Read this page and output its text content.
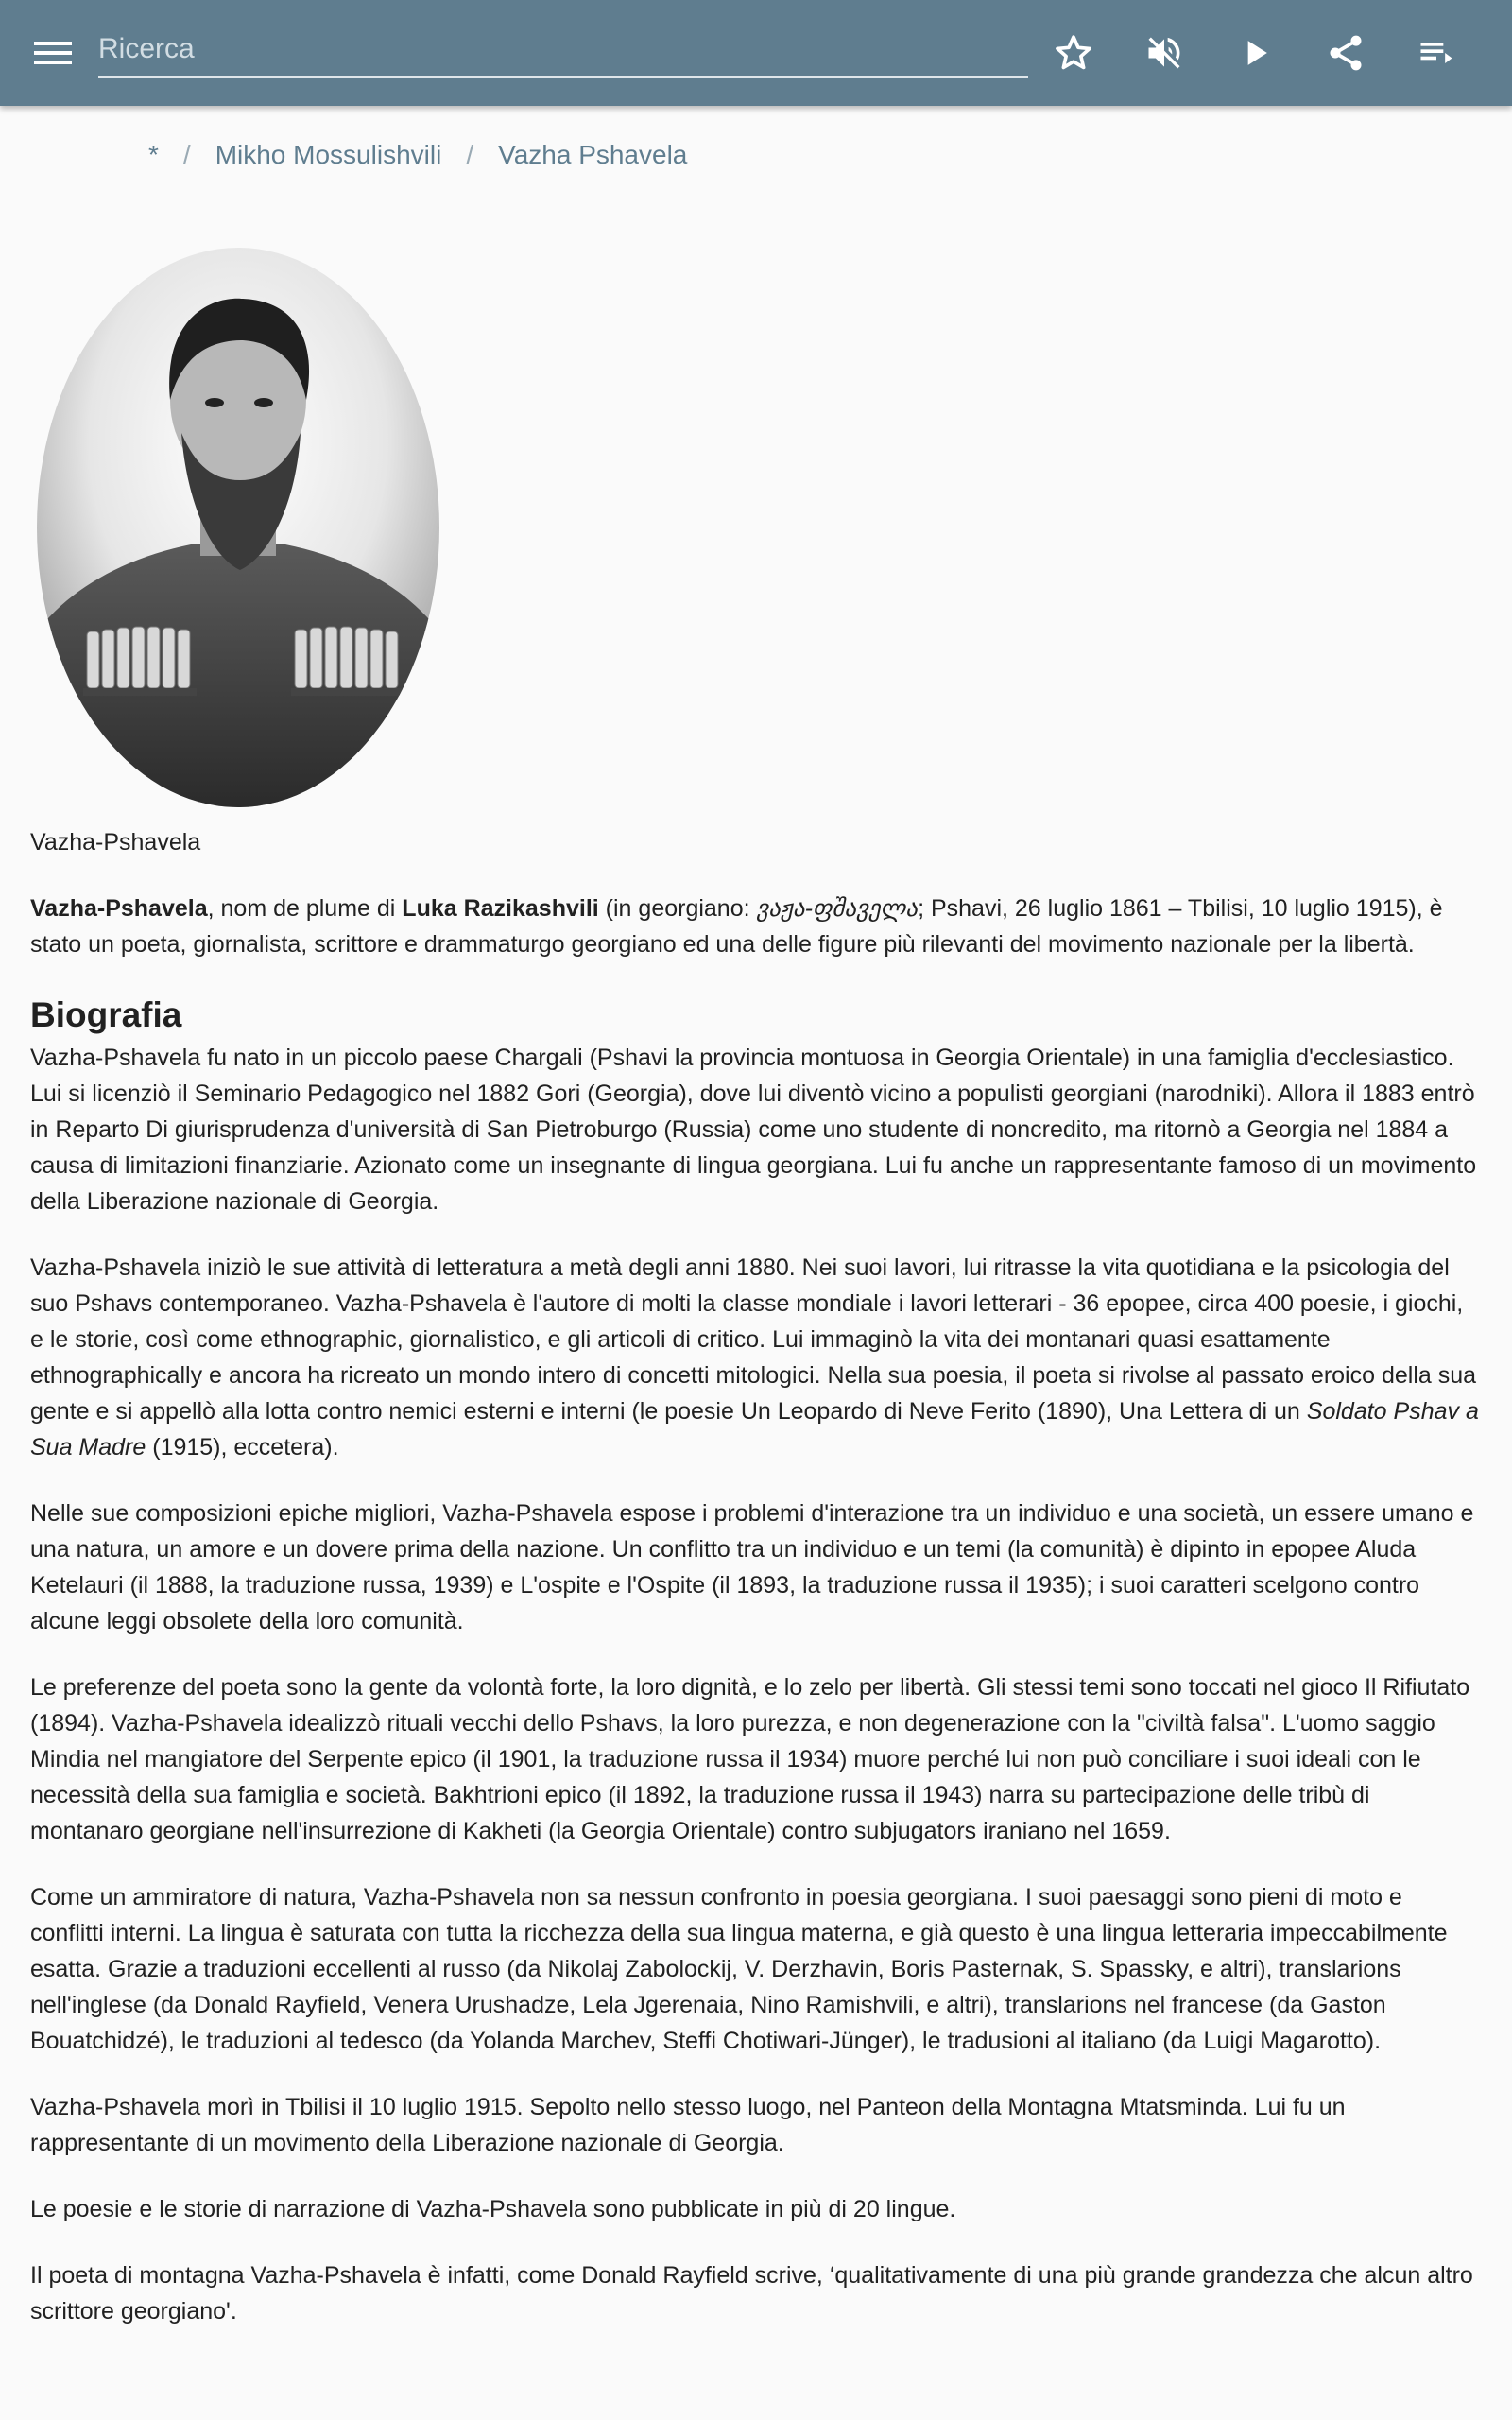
Ricerca
* / Mikho Mossulishvili / Vazha Pshavela

Vazha-Pshavela

Vazha-Pshavela, nom de plume di Luka Razikashvili (in georgiano: ვაჟა-ფშაველა; Pshavi, 26 luglio 1861 – Tbilisi, 10 luglio 1915), è stato un poeta, giornalista, scrittore e drammaturgo georgiano ed una delle figure più rilevanti del movimento nazionale per la libertà.

Biografia

Vazha-Pshavela fu nato in un piccolo paese Chargali (Pshavi la provincia montuosa in Georgia Orientale) in una famiglia d'ecclesiastico. Lui si licenziò il Seminario Pedagogico nel 1882 Gori (Georgia), dove lui diventò vicino a populisti georgiani (narodniki). Allora il 1883 entrò in Reparto Di giurisprudenza d'università di San Pietroburgo (Russia) come uno studente di noncredito, ma ritornò a Georgia nel 1884 a causa di limitazioni finanziarie. Azionato come un insegnante di lingua georgiana. Lui fu anche un rappresentante famoso di un movimento della Liberazione nazionale di Georgia.

Vazha-Pshavela iniziò le sue attività di letteratura a metà degli anni 1880. Nei suoi lavori, lui ritrasse la vita quotidiana e la psicologia del suo Pshavs contemporaneo. Vazha-Pshavela è l'autore di molti la classe mondiale i lavori letterari - 36 epopee, circa 400 poesie, i giochi, e le storie, così come ethnographic, giornalistico, e gli articoli di critico. Lui immaginò la vita dei montanari quasi esattamente ethnographically e ancora ha ricreato un mondo intero di concetti mitologici. Nella sua poesia, il poeta si rivolse al passato eroico della sua gente e si appellò alla lotta contro nemici esterni e interni (le poesie Un Leopardo di Neve Ferito (1890), Una Lettera di un Soldato Pshav a Sua Madre (1915), eccetera).

Nelle sue composizioni epiche migliori, Vazha-Pshavela espose i problemi d'interazione tra un individuo e una società, un essere umano e una natura, un amore e un dovere prima della nazione. Un conflitto tra un individuo e un temi (la comunità) è dipinto in epopee Aluda Ketelauri (il 1888, la traduzione russa, 1939) e L'ospite e l'Ospite (il 1893, la traduzione russa il 1935); i suoi caratteri scelgono contro alcune leggi obsolete della loro comunità.

Le preferenze del poeta sono la gente da volontà forte, la loro dignità, e lo zelo per libertà. Gli stessi temi sono toccati nel gioco Il Rifiutato (1894). Vazha-Pshavela idealizzò rituali vecchi dello Pshavs, la loro purezza, e non degenerazione con la "civiltà falsa". L'uomo saggio Mindia nel mangiatore del Serpente epico (il 1901, la traduzione russa il 1934) muore perché lui non può conciliare i suoi ideali con le necessità della sua famiglia e società. Bakhtrioni epico (il 1892, la traduzione russa il 1943) narra su partecipazione delle tribù di montanaro georgiane nell'insurrezione di Kakheti (la Georgia Orientale) contro subjugators iraniano nel 1659.

Come un ammiratore di natura, Vazha-Pshavela non sa nessun confronto in poesia georgiana. I suoi paesaggi sono pieni di moto e conflitti interni. La lingua è saturata con tutta la ricchezza della sua lingua materna, e già questo è una lingua letteraria impeccabilmente esatta. Grazie a traduzioni eccellenti al russo (da Nikolaj Zabolockij, V. Derzhavin, Boris Pasternak, S. Spassky, e altri), translarions nell'inglese (da Donald Rayfield, Venera Urushadze, Lela Jgerenaia, Nino Ramishvili, e altri), translarions nel francese (da Gaston Bouatchidzé), le traduzioni al tedesco (da Yolanda Marchev, Steffi Chotiwari-Jünger), le tradusioni al italiano (da Luigi Magarotto).

Vazha-Pshavela morì in Tbilisi il 10 luglio 1915. Sepolto nello stesso luogo, nel Panteon della Montagna Mtatsminda. Lui fu un rappresentante di un movimento della Liberazione nazionale di Georgia.

Le poesie e le storie di narrazione di Vazha-Pshavela sono pubblicate in più di 20 lingue.

Il poeta di montagna Vazha-Pshavela è infatti, come Donald Rayfield scrive, ‘qualitativamente di una più grande grandezza che alcun altro scrittore georgiano'.
